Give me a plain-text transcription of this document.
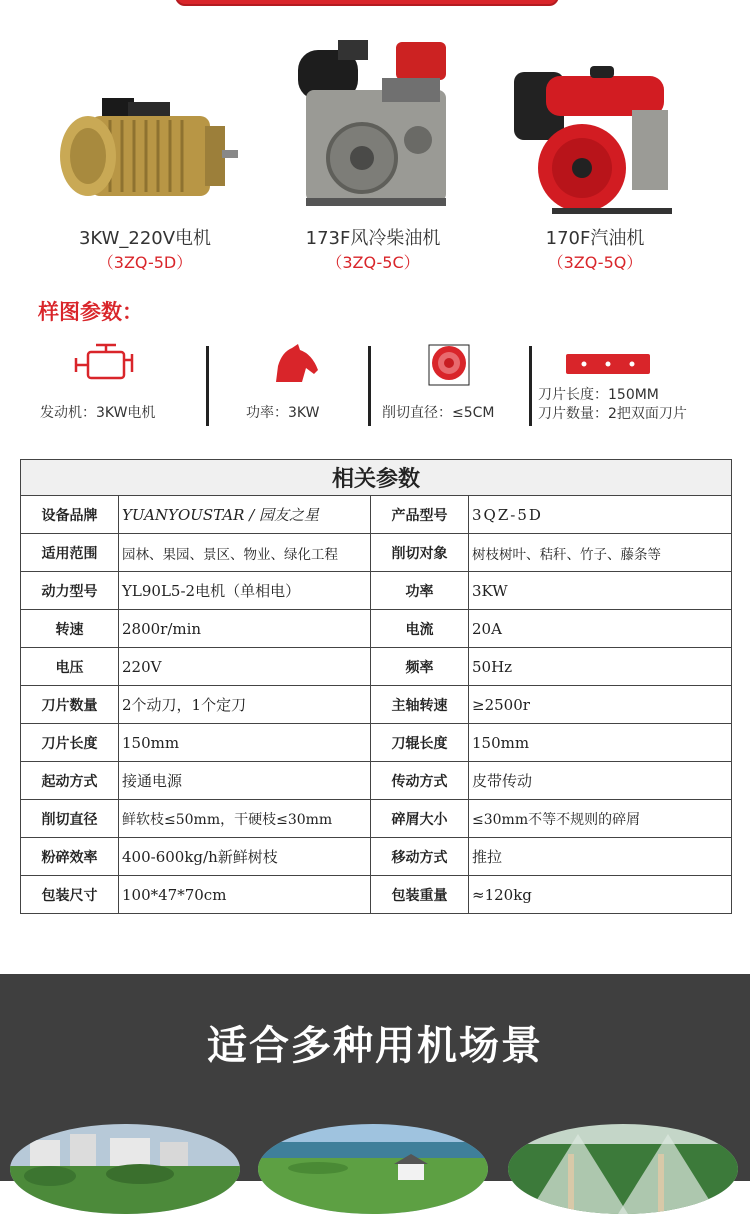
3KW_220V电机
（3ZQ-5D）
173F风冷柴油机
（3ZQ-5C）
170F汽油机
（3ZQ-5Q）
样图参数：
发动机：3KW电机	功率：3KW	削切直径：≤5CM
刀片长度：150MM
刀片数量：2把双面刀片
相关参数			
设备品牌	YUANYOUSTAR / 园友之星	产品型号	3QZ-5D
适用范围	园林、果园、景区、物业、绿化工程	削切对象	树枝树叶、秸秆、竹子、藤条等
动力型号	YL90L5-2电机（单相电）	功率	3KW
转速	2800r/min	电流	20A
电压	220V	频率	50Hz
刀片数量	2个动刀，1个定刀	主轴转速	≥2500r
刀片长度	150mm	刀辊长度	150mm
起动方式	接通电源	传动方式	皮带传动
削切直径	鲜软枝≤50mm，干硬枝≤30mm	碎屑大小	≤30mm不等不规则的碎屑
粉碎效率	400-600kg/h新鲜树枝	移动方式	推拉
包装尺寸	100*47*70cm	包装重量	≈120kg
适合多种用机场景
